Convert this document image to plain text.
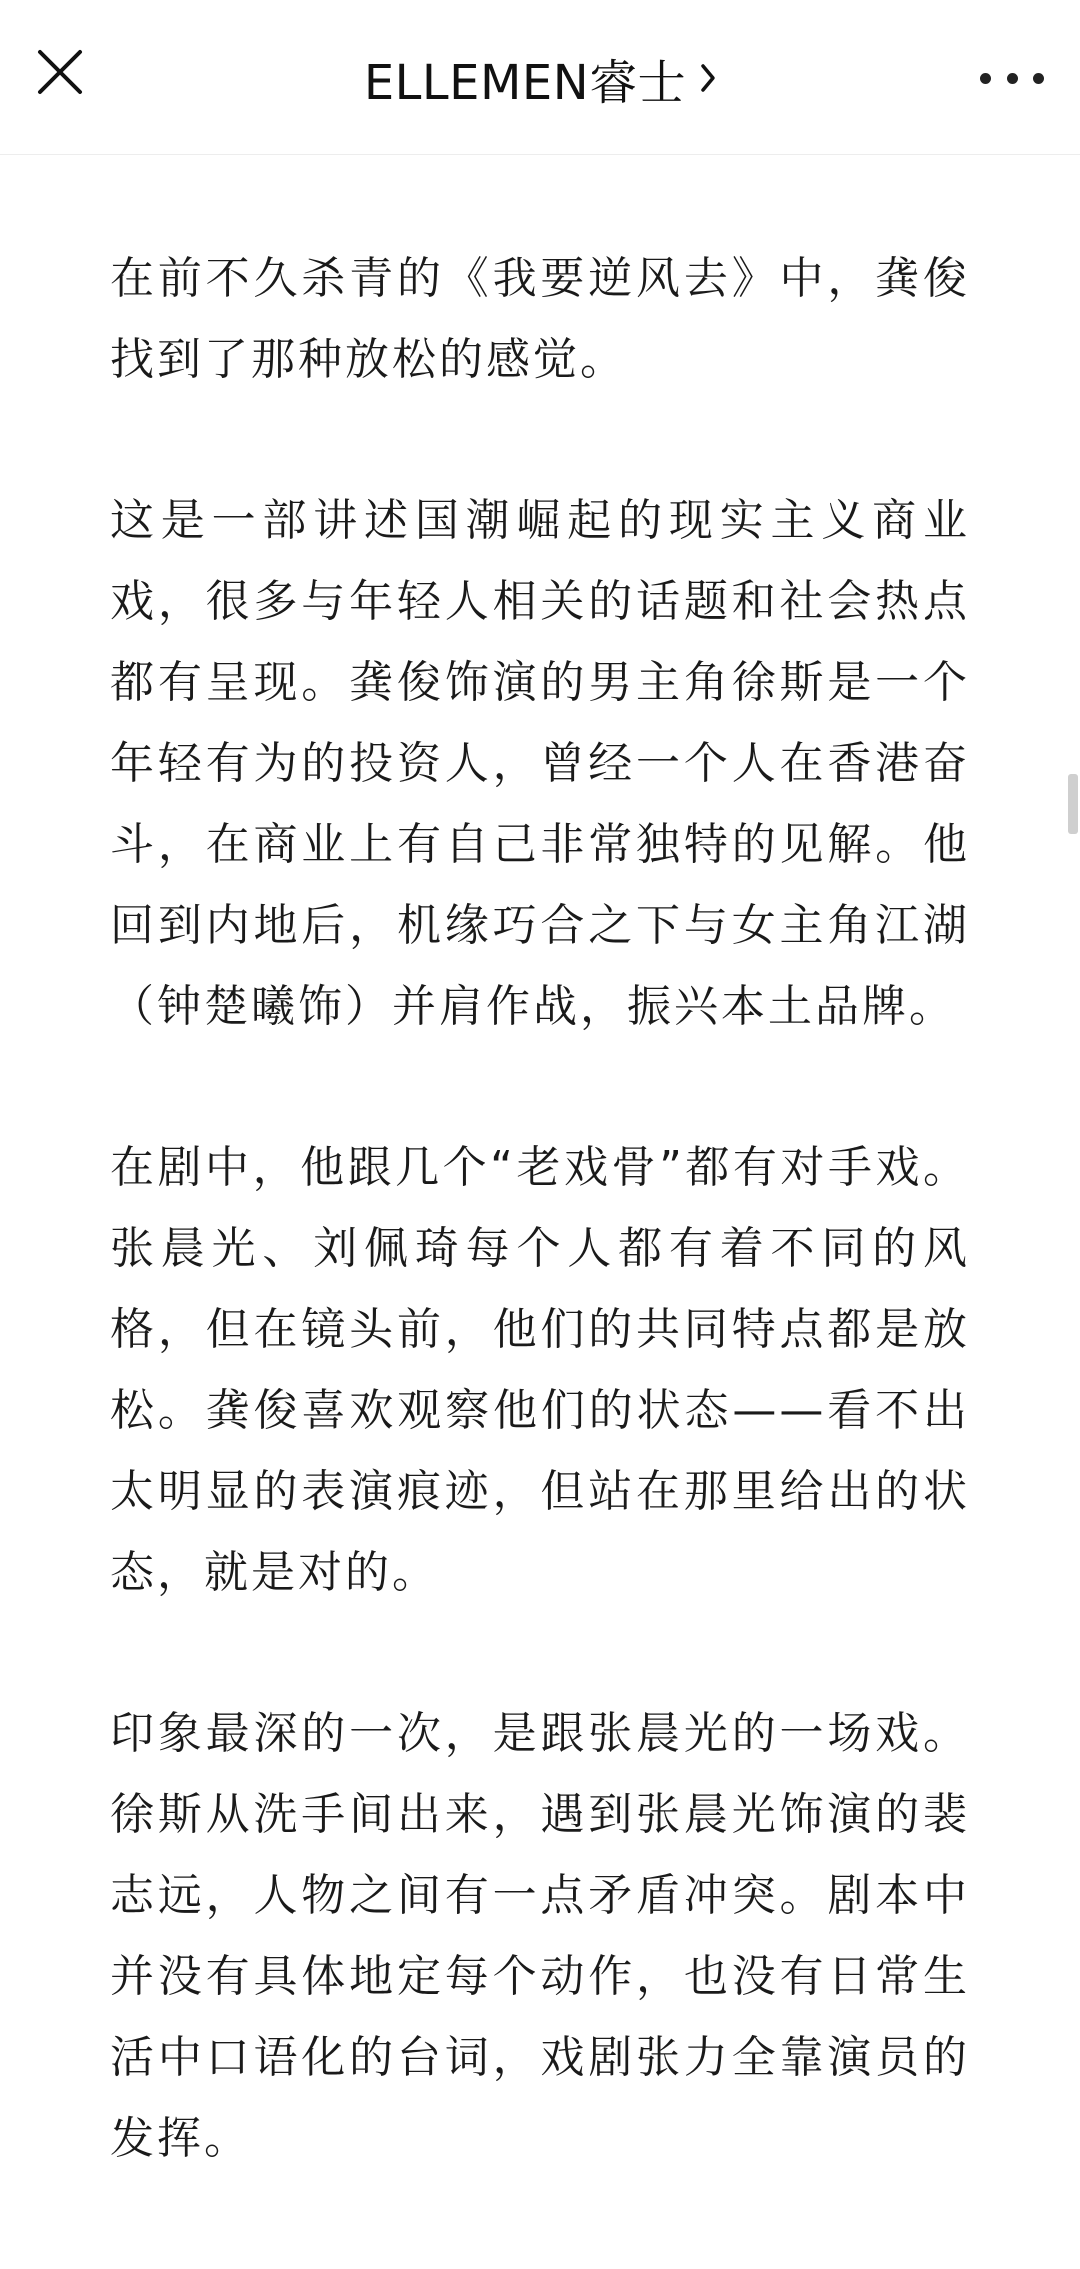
ELLEMEN睿士

在前不久杀青的《我要逆风去》中，龚俊找到了那种放松的感觉。

这是一部讲述国潮崛起的现实主义商业戏，很多与年轻人相关的话题和社会热点都有呈现。龚俊饰演的男主角徐斯是一个年轻有为的投资人，曾经一个人在香港奋斗，在商业上有自己非常独特的见解。他回到内地后，机缘巧合之下与女主角江湖（钟楚曦饰）并肩作战，振兴本土品牌。

在剧中，他跟几个“老戏骨”都有对手戏。张晨光、刘佩琦每个人都有着不同的风格，但在镜头前，他们的共同特点都是放松。龚俊喜欢观察他们的状态——看不出太明显的表演痕迹，但站在那里给出的状态，就是对的。

印象最深的一次，是跟张晨光的一场戏。徐斯从洗手间出来，遇到张晨光饰演的裴志远，人物之间有一点矛盾冲突。剧本中并没有具体地定每个动作，也没有日常生活中口语化的台词，戏剧张力全靠演员的发挥。
